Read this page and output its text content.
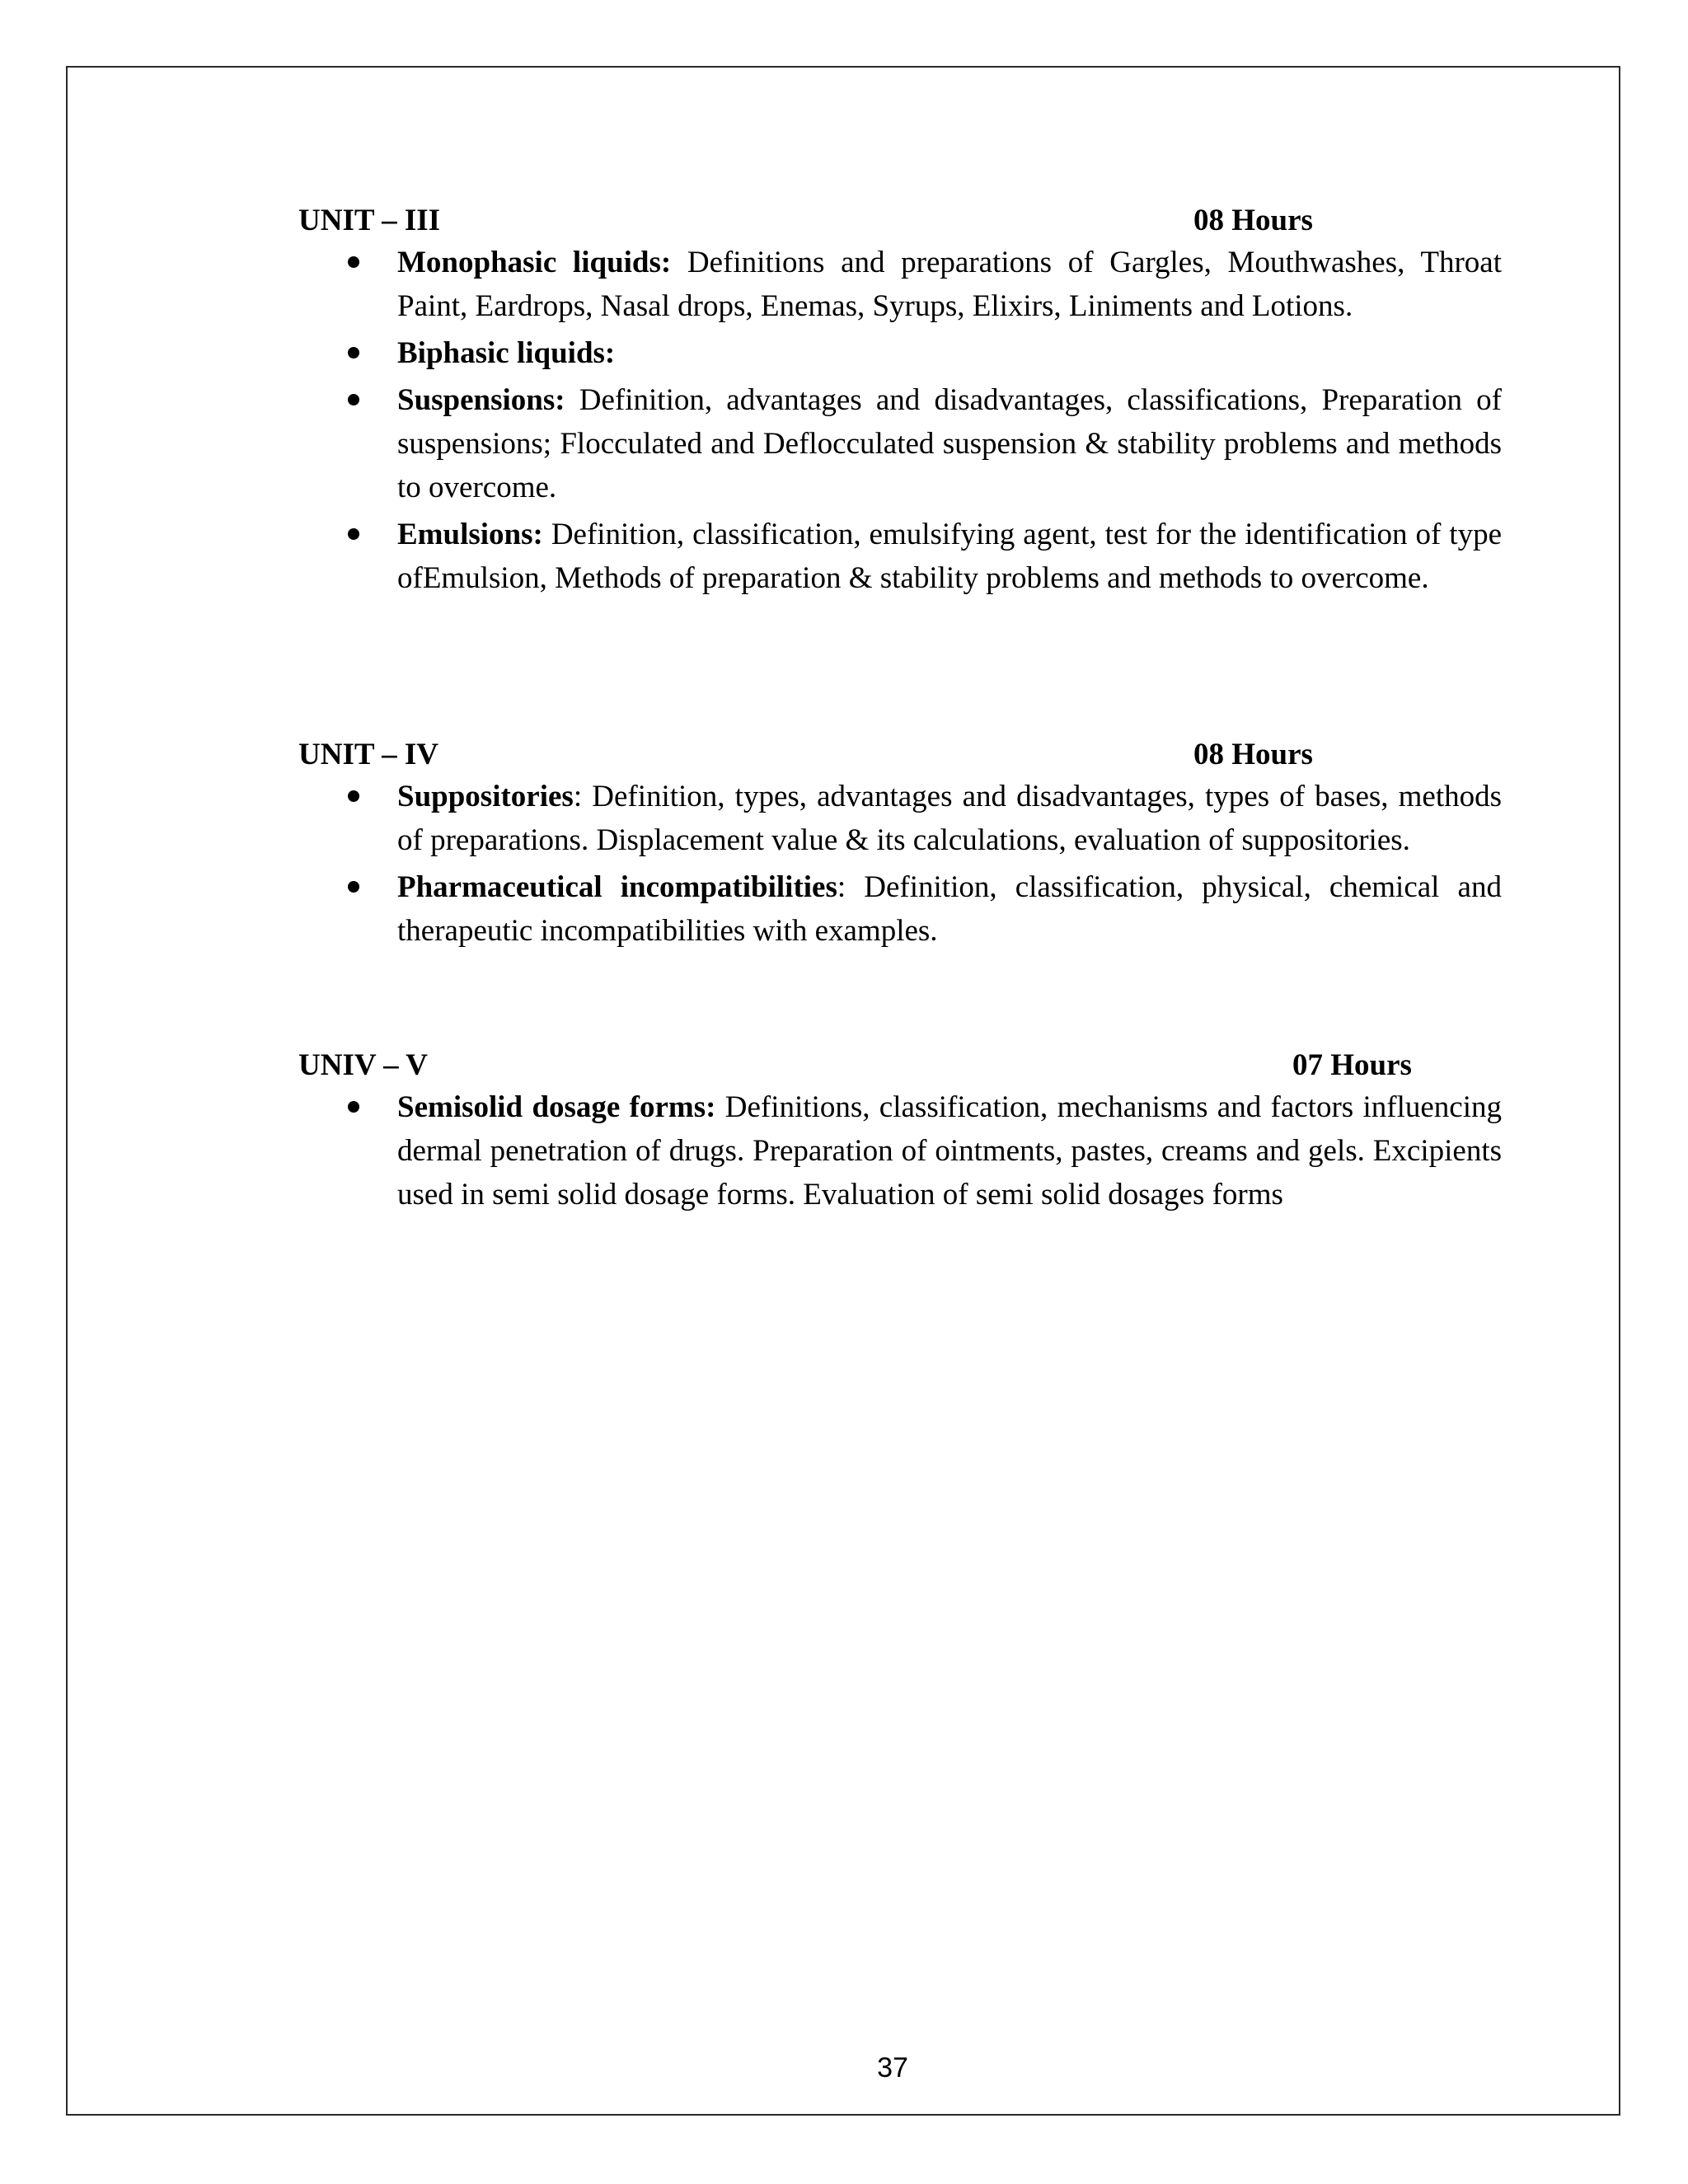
UNIT – III	08 Hours
Monophasic liquids: Definitions and preparations of Gargles, Mouthwashes, Throat Paint, Eardrops, Nasal drops, Enemas, Syrups, Elixirs, Liniments and Lotions.
Biphasic liquids:
Suspensions: Definition, advantages and disadvantages, classifications, Preparation of suspensions; Flocculated and Deflocculated suspension & stability problems and methods to overcome.
Emulsions: Definition, classification, emulsifying agent, test for the identification of type ofEmulsion, Methods of preparation & stability problems and methods to overcome.
UNIT – IV	08 Hours
Suppositories: Definition, types, advantages and disadvantages, types of bases, methods of preparations. Displacement value & its calculations, evaluation of suppositories.
Pharmaceutical incompatibilities: Definition, classification, physical, chemical and therapeutic incompatibilities with examples.
UNIV – V	07 Hours
Semisolid dosage forms: Definitions, classification, mechanisms and factors influencing dermal penetration of drugs. Preparation of ointments, pastes, creams and gels. Excipients used in semi solid dosage forms. Evaluation of semi solid dosages forms
37
